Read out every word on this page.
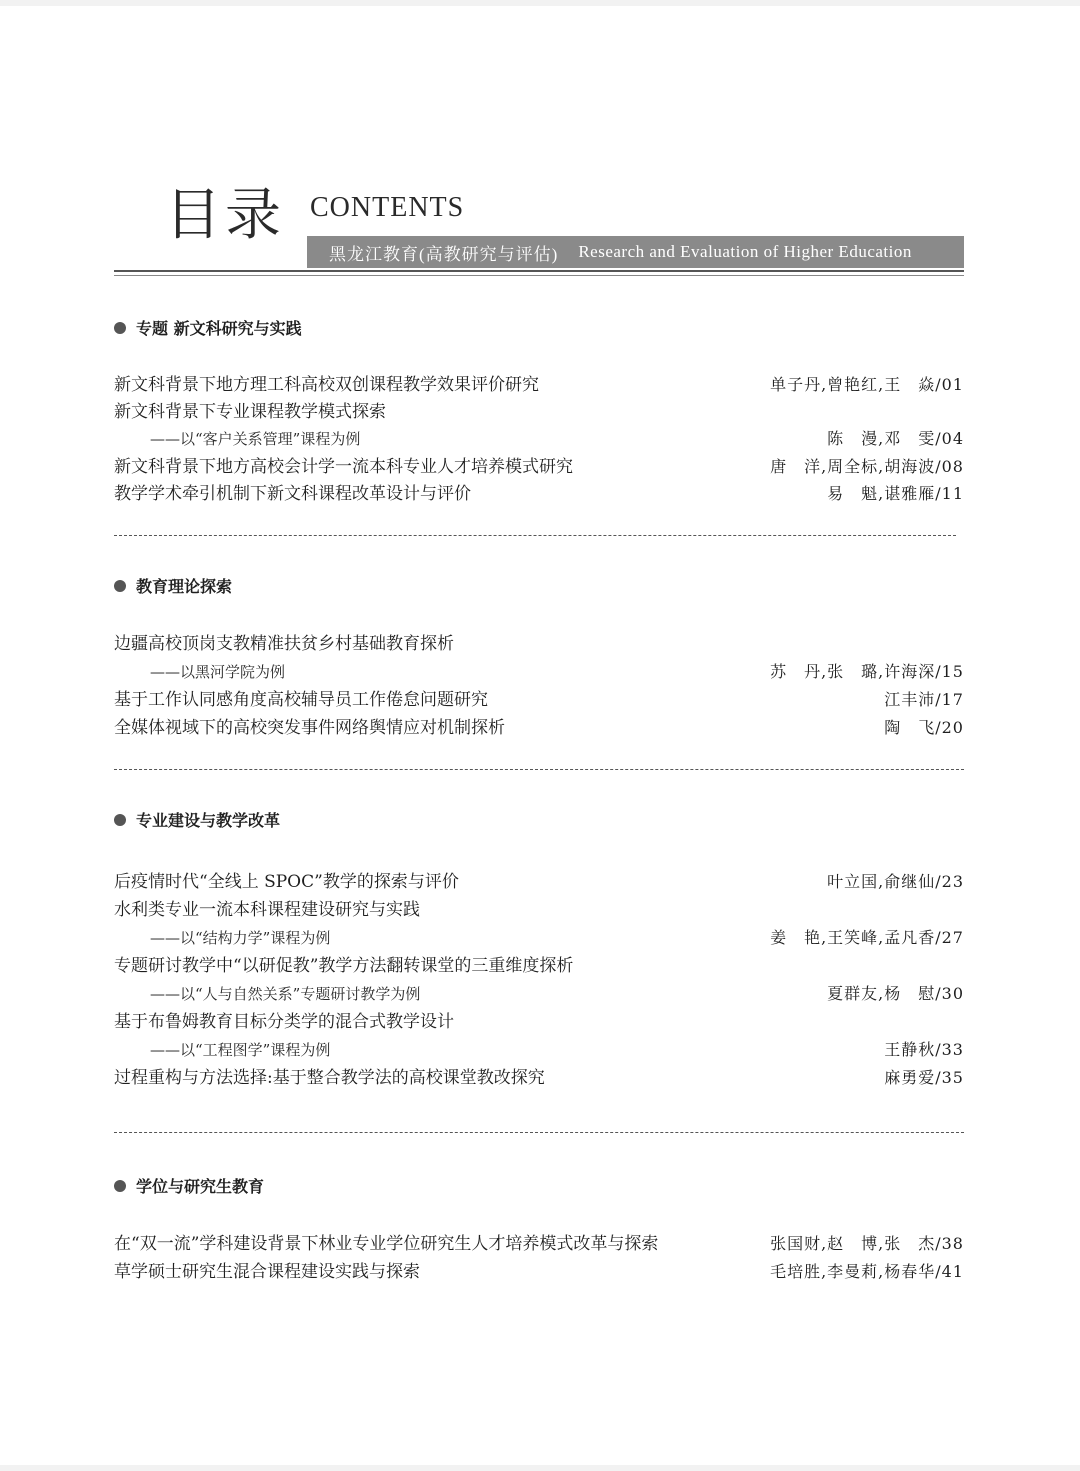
目录 CONTENTS
黑龙江教育(高教研究与评估) Research and Evaluation of Higher Education
专题 新文科研究与实践
新文科背景下地方理工科高校双创课程教学效果评价研究	单子丹,曾艳红,王　焱/01
新文科背景下专业课程教学模式探索
——以“客户关系管理”课程为例	陈　漫,邓　雯/04
新文科背景下地方高校会计学一流本科专业人才培养模式研究	唐　洋,周全标,胡海波/08
教学学术牵引机制下新文科课程改革设计与评价	易　魁,谌雅雁/11
教育理论探索
边疆高校顶岗支教精准扶贫乡村基础教育探析
——以黑河学院为例	苏　丹,张　璐,许海深/15
基于工作认同感角度高校辅导员工作倦怠问题研究	江丰沛/17
全媒体视域下的高校突发事件网络舆情应对机制探析	陶　飞/20
专业建设与教学改革
后疫情时代“全线上 SPOC”教学的探索与评价	叶立国,俞继仙/23
水利类专业一流本科课程建设研究与实践
——以“结构力学”课程为例	姜　艳,王笑峰,孟凡香/27
专题研讨教学中“以研促教”教学方法翻转课堂的三重维度探析
——以“人与自然关系”专题研讨教学为例	夏群友,杨　慰/30
基于布鲁姆教育目标分类学的混合式教学设计
——以“工程图学”课程为例	王静秋/33
过程重构与方法选择:基于整合教学法的高校课堂教改探究	麻勇爱/35
学位与研究生教育
在“双一流”学科建设背景下林业专业学位研究生人才培养模式改革与探索	张国财,赵　博,张　杰/38
草学硕士研究生混合课程建设实践与探索	毛培胜,李曼莉,杨春华/41
